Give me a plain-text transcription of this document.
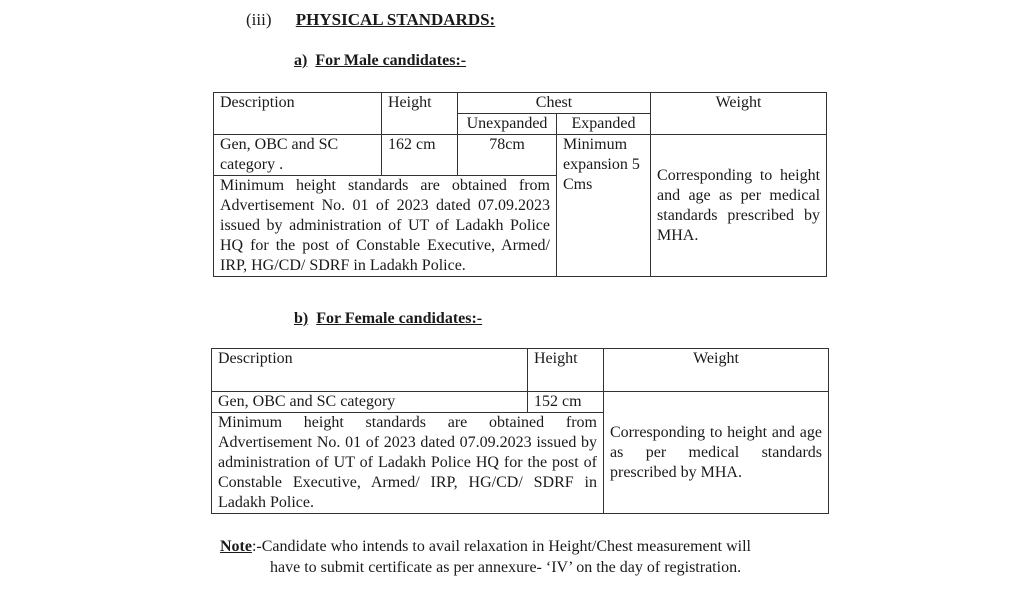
(iii) PHYSICAL STANDARDS:
a) For Male candidates:-
Description	Height	Chest		Weight
		Unexpanded	Expanded	
Gen, OBC and SC category .	162 cm	78cm	Minimum expansion 5 Cms	Corresponding to height and age as per medical standards prescribed by MHA.
Minimum height standards are obtained from Advertisement No. 01 of 2023 dated 07.09.2023 issued by administration of UT of Ladakh Police HQ for the post of Constable Executive, Armed/ IRP, HG/CD/ SDRF in Ladakh Police.				
b) For Female candidates:-
Description	Height	Weight
Gen, OBC and SC category	152 cm	Corresponding to height and age as per medical standards prescribed by MHA.
Minimum height standards are obtained from Advertisement No. 01 of 2023 dated 07.09.2023 issued by administration of UT of Ladakh Police HQ for the post of Constable Executive, Armed/ IRP, HG/CD/ SDRF in Ladakh Police.		
Note:-Candidate who intends to avail relaxation in Height/Chest measurement will
have to submit certificate as per annexure- ‘IV’ on the day of registration.
